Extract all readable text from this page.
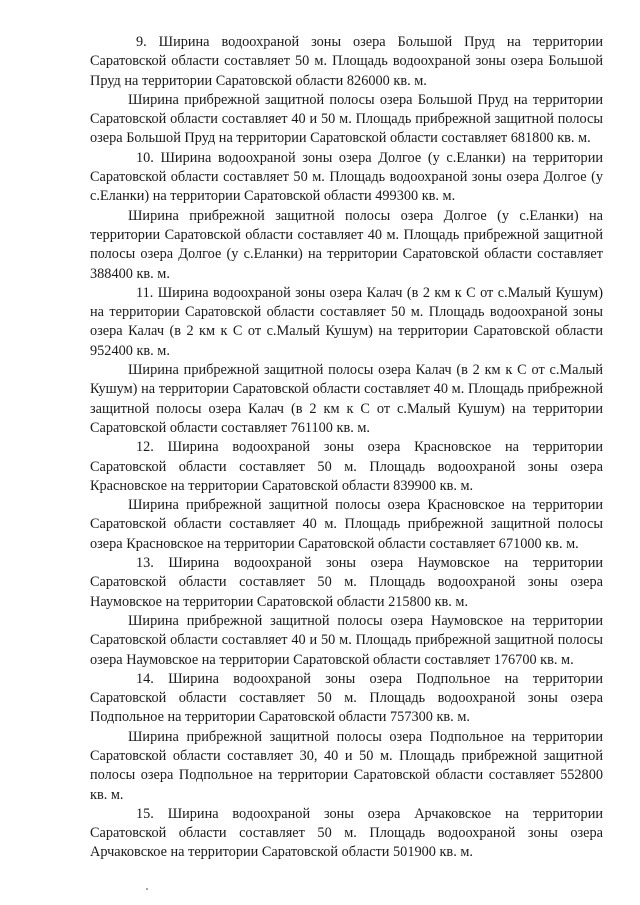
9. Ширина водоохраной зоны озера Большой Пруд на территории Саратовской области составляет 50 м. Площадь водоохраной зоны озера Большой Пруд на территории Саратовской области 826000 кв. м.

Ширина прибрежной защитной полосы озера Большой Пруд на территории Саратовской области составляет 40 и 50 м. Площадь прибрежной защитной полосы озера Большой Пруд на территории Саратовской области составляет 681800 кв. м.

10. Ширина водоохраной зоны озера Долгое (у с.Еланки) на территории Саратовской области составляет 50 м. Площадь водоохраной зоны озера Долгое (у с.Еланки) на территории Саратовской области 499300 кв. м.

Ширина прибрежной защитной полосы озера Долгое (у с.Еланки) на территории Саратовской области составляет 40 м. Площадь прибрежной защитной полосы озера Долгое (у с.Еланки) на территории Саратовской области составляет 388400 кв. м.

11. Ширина водоохраной зоны озера Калач (в 2 км к С от с.Малый Кушум) на территории Саратовской области составляет 50 м. Площадь водоохраной зоны озера Калач (в 2 км к С от с.Малый Кушум) на территории Саратовской области 952400 кв. м.

Ширина прибрежной защитной полосы озера Калач (в 2 км к С от с.Малый Кушум) на территории Саратовской области составляет 40 м. Площадь прибрежной защитной полосы озера Калач (в 2 км к С от с.Малый Кушум) на территории Саратовской области составляет 761100 кв. м.

12. Ширина водоохраной зоны озера Красновское на территории Саратовской области составляет 50 м. Площадь водоохраной зоны озера Красновское на территории Саратовской области 839900 кв. м.

Ширина прибрежной защитной полосы озера Красновское на территории Саратовской области составляет 40 м. Площадь прибрежной защитной полосы озера Красновское на территории Саратовской области составляет 671000 кв. м.

13. Ширина водоохраной зоны озера Наумовское на территории Саратовской области составляет 50 м. Площадь водоохраной зоны озера Наумовское на территории Саратовской области 215800 кв. м.

Ширина прибрежной защитной полосы озера Наумовское на территории Саратовской области составляет 40 и 50 м. Площадь прибрежной защитной полосы озера Наумовское на территории Саратовской области составляет 176700 кв. м.

14. Ширина водоохраной зоны озера Подпольное на территории Саратовской области составляет 50 м. Площадь водоохраной зоны озера Подпольное на территории Саратовской области 757300 кв. м.

Ширина прибрежной защитной полосы озера Подпольное на территории Саратовской области составляет 30, 40 и 50 м. Площадь прибрежной защитной полосы озера Подпольное на территории Саратовской области составляет 552800 кв. м.

15. Ширина водоохраной зоны озера Арчаковское на территории Саратовской области составляет 50 м. Площадь водоохраной зоны озера Арчаковское на территории Саратовской области 501900 кв. м.
